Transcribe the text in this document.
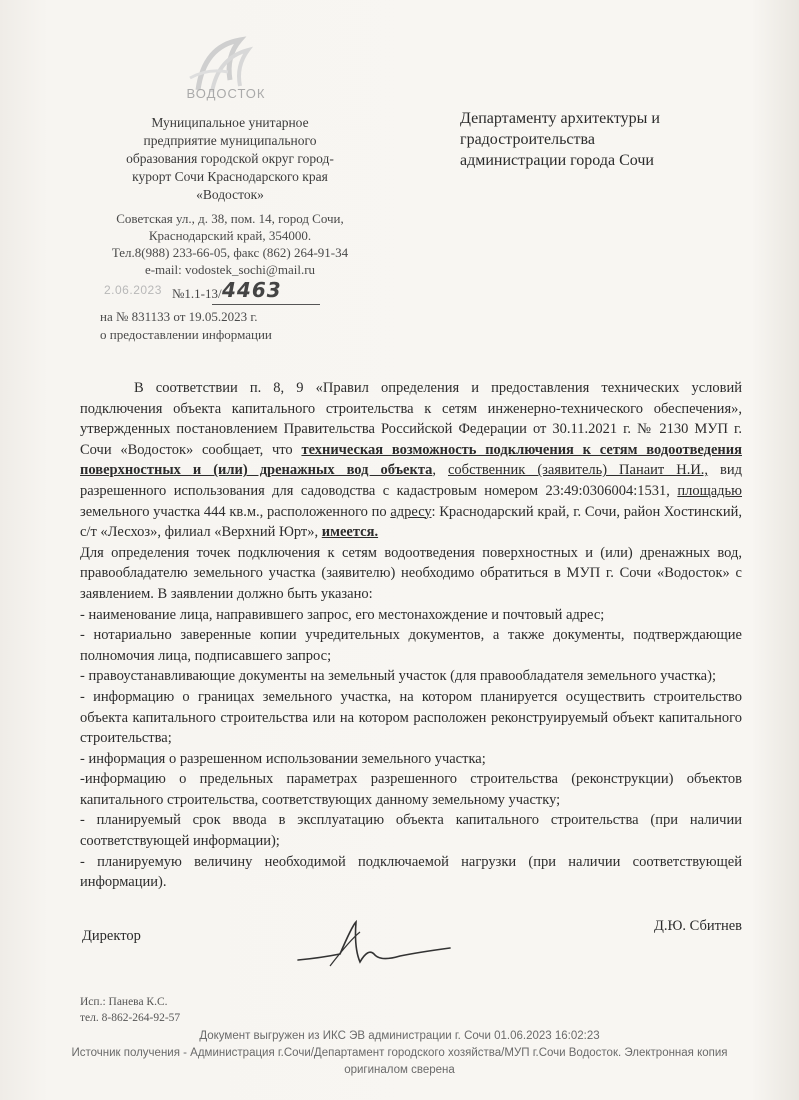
ВОДОСТОК
Муниципальное унитарное
предприятие муниципального
образования городской округ город-
курорт Сочи Краснодарского края
«Водосток»
Советская ул., д. 38, пом. 14, город Сочи,
Краснодарский край, 354000.
Тел.8(988) 233-66-05, факс (862) 264-91-34
e-mail: vodostek_sochi@mail.ru
Департаменту архитектуры и
градостроительства
администрации города Сочи
2.06.2023 №1.1-13/ 4463
на № 831133 от 19.05.2023 г.
о предоставлении информации

В соответствии п. 8, 9 «Правил определения и предоставления технических условий подключения объекта капитального строительства к сетям инженерно-технического обеспечения», утвержденных постановлением Правительства Российской Федерации от 30.11.2021 г. № 2130 МУП г. Сочи «Водосток» сообщает, что техническая возможность подключения к сетям водоотведения поверхностных и (или) дренажных вод объекта, собственник (заявитель) Панаит Н.И., вид разрешенного использования для садоводства с кадастровым номером 23:49:0306004:1531, площадью земельного участка 444 кв.м., расположенного по адресу: Краснодарский край, г. Сочи, район Хостинский, с/т «Лесхоз», филиал «Верхний Юрт», имеется.

Для определения точек подключения к сетям водоотведения поверхностных и (или) дренажных вод, правообладателю земельного участка (заявителю) необходимо обратиться в МУП г. Сочи «Водосток» с заявлением. В заявлении должно быть указано:

- наименование лица, направившего запрос, его местонахождение и почтовый адрес;

- нотариально заверенные копии учредительных документов, а также документы, подтверждающие полномочия лица, подписавшего запрос;

- правоустанавливающие документы на земельный участок (для правообладателя земельного участка);

- информацию о границах земельного участка, на котором планируется осуществить строительство объекта капитального строительства или на котором расположен реконструируемый объект капитального строительства;

- информация о разрешенном использовании земельного участка;

-информацию о предельных параметрах разрешенного строительства (реконструкции) объектов капитального строительства, соответствующих данному земельному участку;

- планируемый срок ввода в эксплуатацию объекта капитального строительства (при наличии соответствующей информации);

- планируемую величину необходимой подключаемой нагрузки (при наличии соответствующей информации).

Директор
Д.Ю. Сбитнев
Исп.: Панева К.С.
тел. 8-862-264-92-57
Документ выгружен из ИКС ЭВ администрации г. Сочи 01.06.2023 16:02:23
Источник получения - Администрация г.Сочи/Департамент городского хозяйства/МУП г.Сочи Водосток. Электронная копия
оригиналом сверена
